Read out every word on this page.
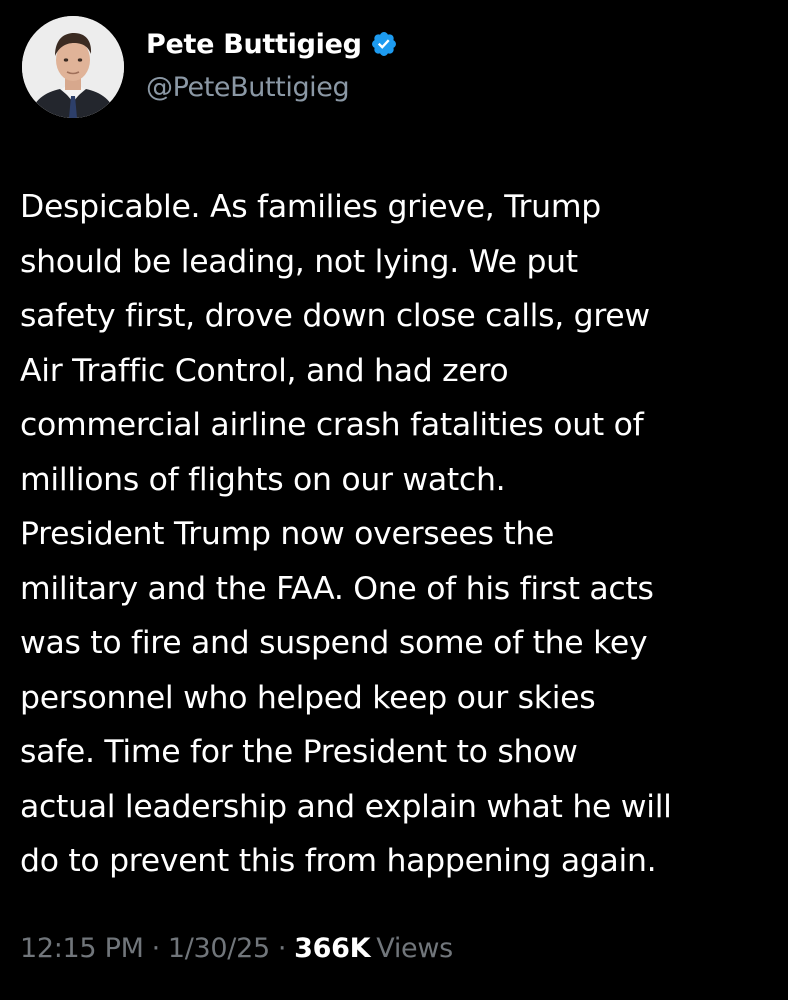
Pete Buttigieg
@PeteButtigieg
Despicable. As families grieve, Trump
should be leading, not lying. We put
safety first, drove down close calls, grew
Air Traffic Control, and had zero
commercial airline crash fatalities out of
millions of flights on our watch.
President Trump now oversees the
military and the FAA. One of his first acts
was to fire and suspend some of the key
personnel who helped keep our skies
safe. Time for the President to show
actual leadership and explain what he will
do to prevent this from happening again.
12:15 PM · 1/30/25 · 366K Views
